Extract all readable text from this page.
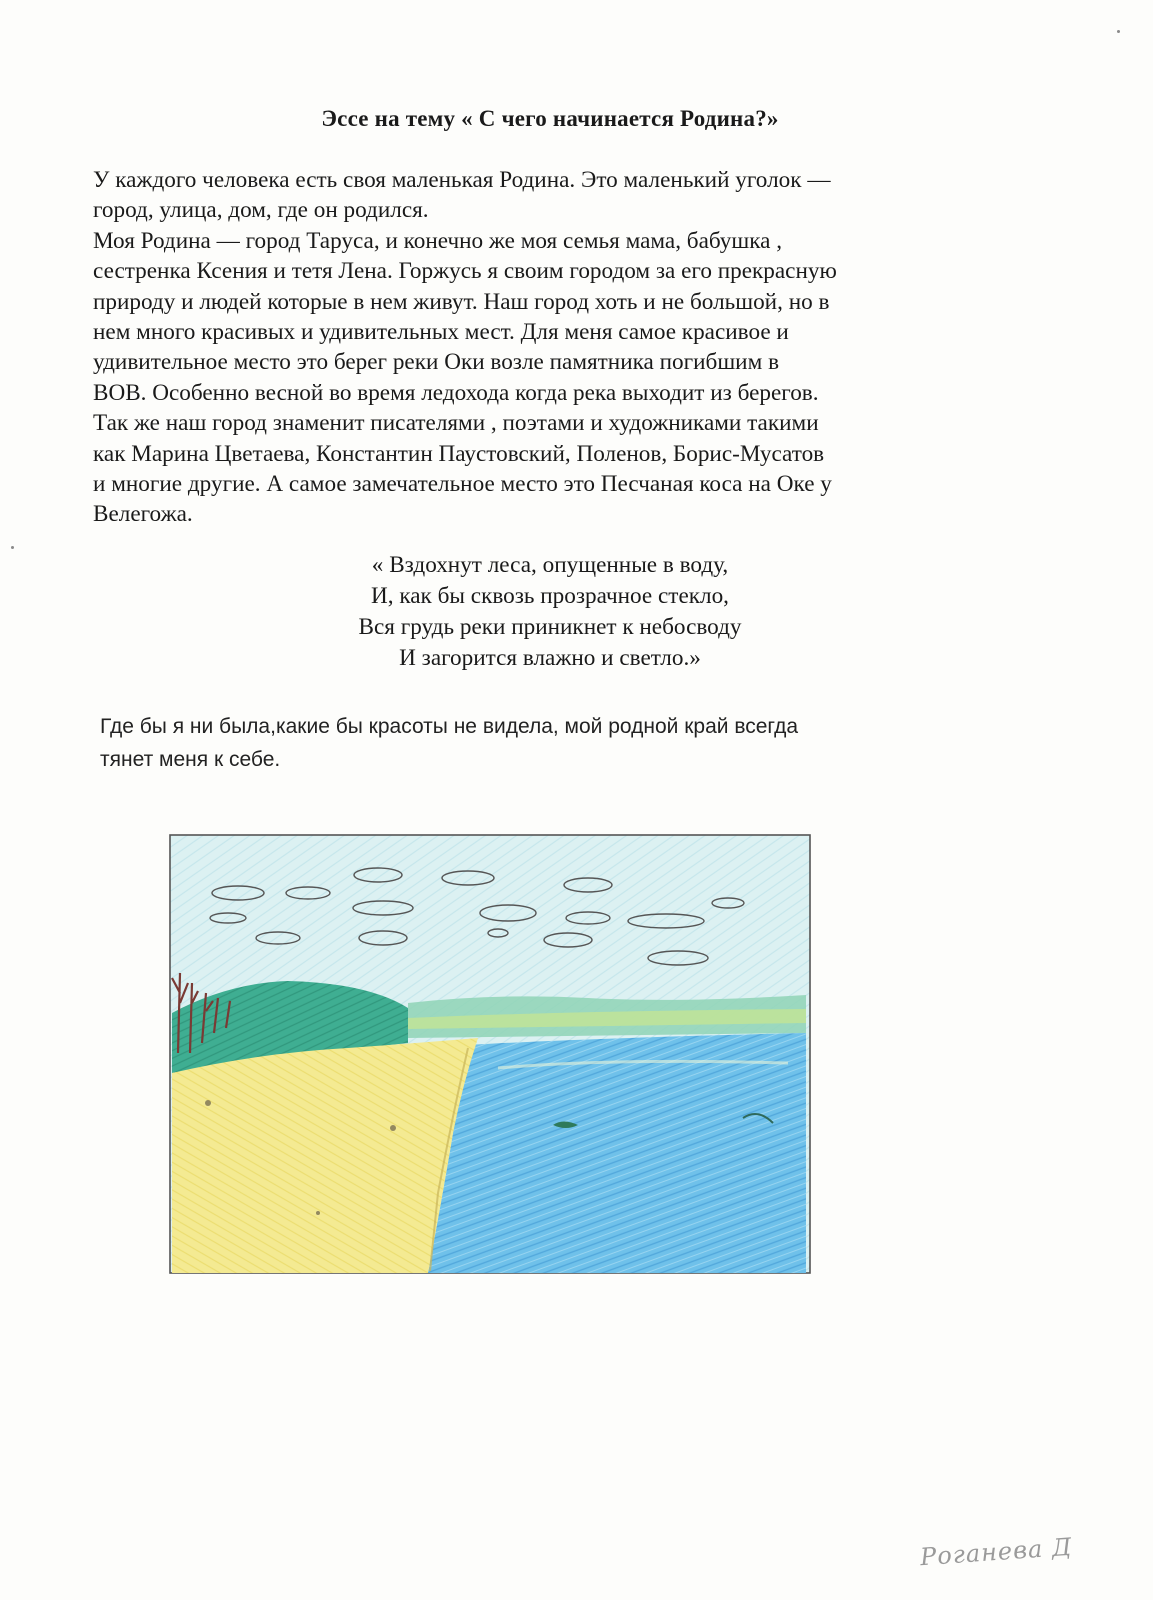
Эссе на тему « С чего начинается Родина?»
У каждого человека есть своя маленькая Родина. Это маленький уголок —
город, улица, дом, где он родился.
Моя Родина — город Таруса, и конечно же моя семья мама, бабушка ,
сестренка Ксения и тетя Лена. Горжусь я своим городом за его прекрасную
природу и людей которые в нем живут. Наш город хоть и не большой, но в
нем много красивых и удивительных мест. Для меня самое красивое и
удивительное место это берег реки Оки возле памятника погибшим в
ВОВ. Особенно весной во время ледохода когда река выходит из берегов.
Так же наш город знаменит писателями , поэтами и художниками такими
как Марина Цветаева, Константин Паустовский, Поленов, Борис-Мусатов
и многие другие. А самое замечательное место это Песчаная коса на Оке у
Велегожа.
« Вздохнут леса, опущенные в воду,
И, как бы сквозь прозрачное стекло,
Вся грудь реки приникнет к небосводу
И загорится влажно и светло.»
Где бы я ни была,какие бы красоты не видела, мой родной край всегда
тянет меня к себе.
Роганева Д
